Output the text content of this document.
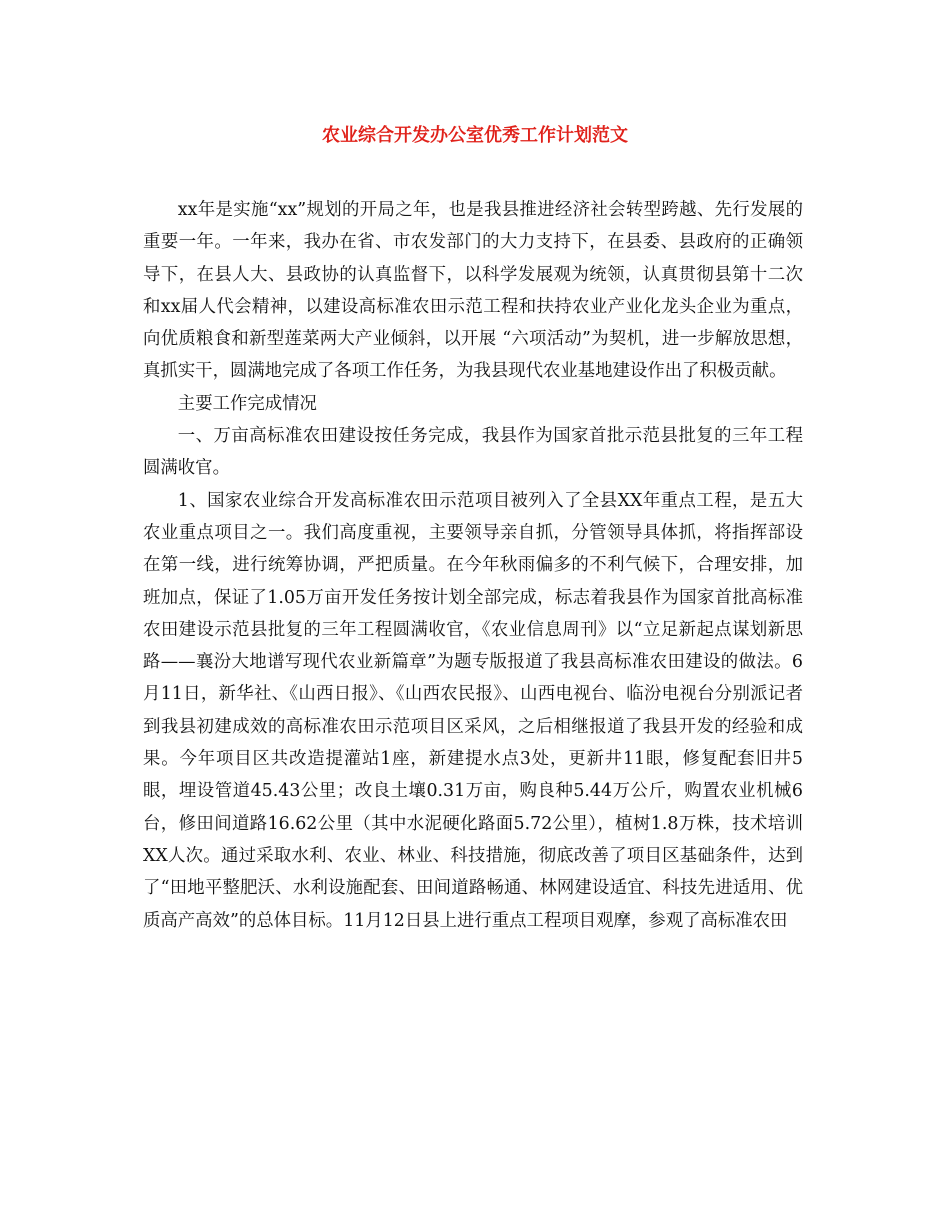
农业综合开发办公室优秀工作计划范文

xx年是实施“xx”规划的开局之年，也是我县推进经济社会转型跨越、先行发展的重要一年。一年来，我办在省、市农发部门的大力支持下，在县委、县政府的正确领导下，在县人大、县政协的认真监督下，以科学发展观为统领，认真贯彻县第十二次和xx届人代会精神，以建设高标准农田示范工程和扶持农业产业化龙头企业为重点，向优质粮食和新型莲菜两大产业倾斜，以开展 “六项活动”为契机，进一步解放思想，真抓实干，圆满地完成了各项工作任务，为我县现代农业基地建设作出了积极贡献。

主要工作完成情况

一、万亩高标准农田建设按任务完成，我县作为国家首批示范县批复的三年工程圆满收官。

1、国家农业综合开发高标准农田示范项目被列入了全县XX年重点工程，是五大农业重点项目之一。我们高度重视，主要领导亲自抓，分管领导具体抓，将指挥部设在第一线，进行统筹协调，严把质量。在今年秋雨偏多的不利气候下，合理安排，加班加点，保证了1.05万亩开发任务按计划全部完成，标志着我县作为国家首批高标准农田建设示范县批复的三年工程圆满收官，《农业信息周刊》以“立足新起点谋划新思路——襄汾大地谱写现代农业新篇章”为题专版报道了我县高标准农田建设的做法。6月11日，新华社、《山西日报》、《山西农民报》、山西电视台、临汾电视台分别派记者到我县初建成效的高标准农田示范项目区采风，之后相继报道了我县开发的经验和成果。今年项目区共改造提灌站1座，新建提水点3处，更新井11眼，修复配套旧井5眼，埋设管道45.43公里；改良土壤0.31万亩，购良种5.44万公斤，购置农业机械6台，修田间道路16.62公里（其中水泥硬化路面5.72公里），植树1.8万株，技术培训XX人次。通过采取水利、农业、林业、科技措施，彻底改善了项目区基础条件，达到了“田地平整肥沃、水利设施配套、田间道路畅通、林网建设适宜、科技先进适用、优质高产高效”的总体目标。11月12日县上进行重点工程项目观摩，参观了高标准农田
